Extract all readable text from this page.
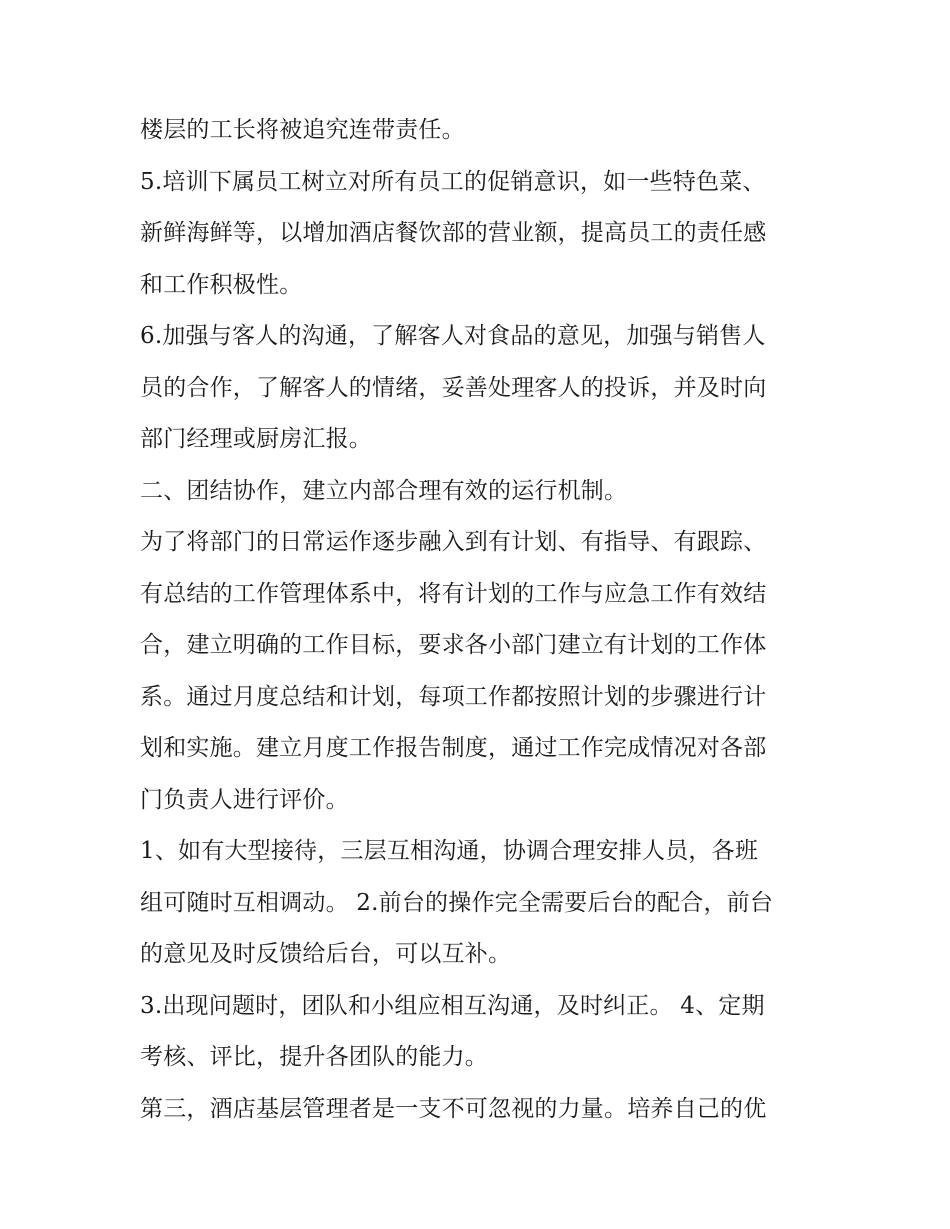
楼层的工长将被追究连带责任。
5.培训下属员工树立对所有员工的促销意识，如一些特色菜、
新鲜海鲜等，以增加酒店餐饮部的营业额，提高员工的责任感
和工作积极性。
6.加强与客人的沟通，了解客人对食品的意见，加强与销售人
员的合作，了解客人的情绪，妥善处理客人的投诉，并及时向
部门经理或厨房汇报。
二、团结协作，建立内部合理有效的运行机制。
为了将部门的日常运作逐步融入到有计划、有指导、有跟踪、
有总结的工作管理体系中，将有计划的工作与应急工作有效结
合，建立明确的工作目标，要求各小部门建立有计划的工作体
系。通过月度总结和计划，每项工作都按照计划的步骤进行计
划和实施。建立月度工作报告制度，通过工作完成情况对各部
门负责人进行评价。
1、如有大型接待，三层互相沟通，协调合理安排人员，各班
组可随时互相调动。 2.前台的操作完全需要后台的配合，前台
的意见及时反馈给后台，可以互补。
3.出现问题时，团队和小组应相互沟通，及时纠正。 4、定期
考核、评比，提升各团队的能力。
第三，酒店基层管理者是一支不可忽视的力量。培养自己的优
